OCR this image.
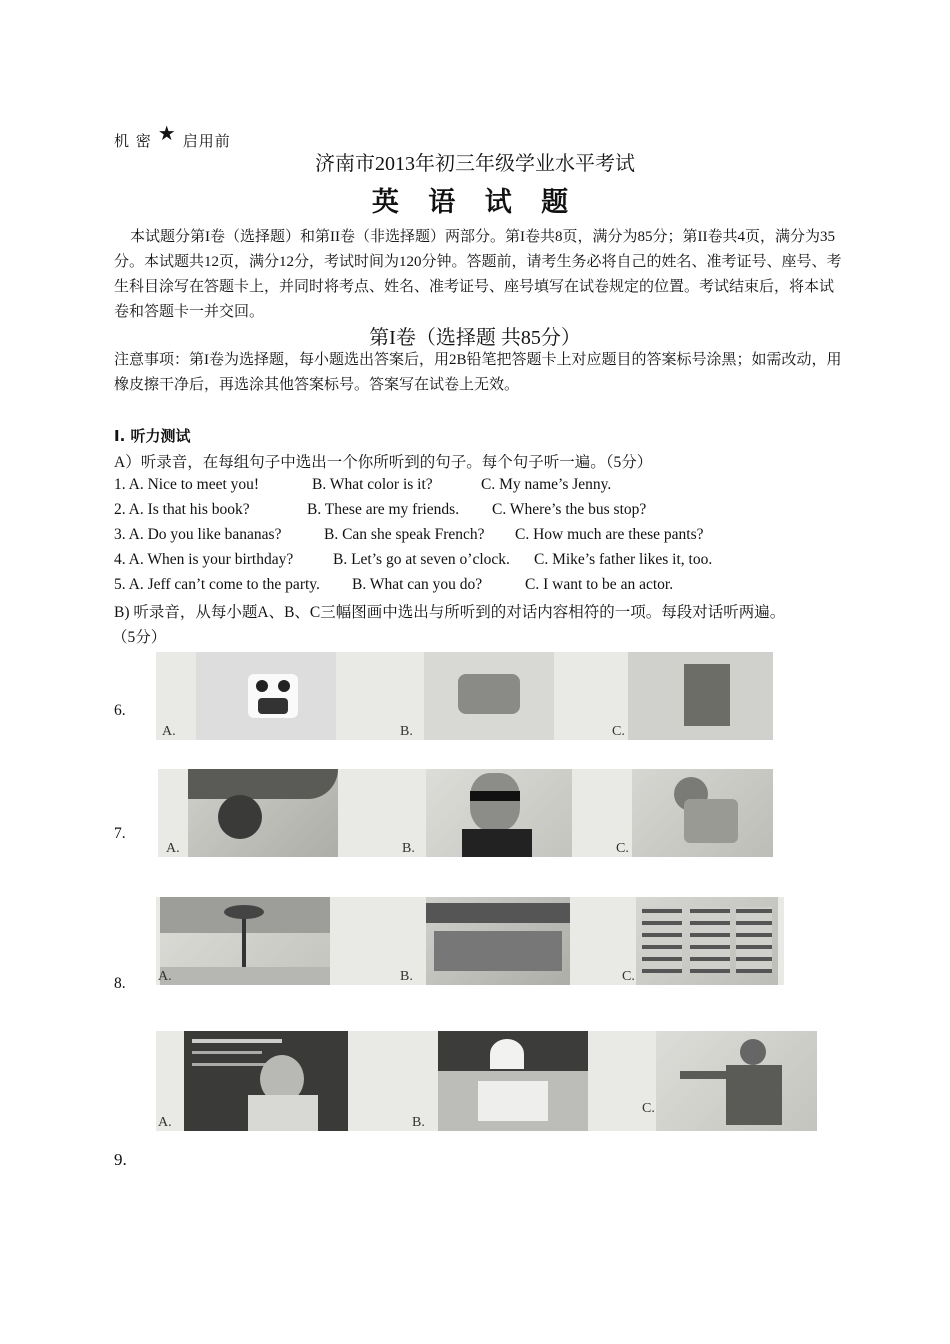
机 密 ★ 启用前
济南市2013年初三年级学业水平考试
英 语 试 题
本试题分第I卷（选择题）和第II卷（非选择题）两部分。第I卷共8页，满分为85分；第II卷共4页，满分为35分。本试题共12页，满分12分，考试时间为120分钟。答题前，请考生务必将自己的姓名、准考证号、座号、考生科目涂写在答题卡上，并同时将考点、姓名、准考证号、座号填写在试卷规定的位置。考试结束后，将本试卷和答题卡一并交回。
第I卷（选择题 共85分）
注意事项：第I卷为选择题，每小题选出答案后，用2B铅笔把答题卡上对应题目的答案标号涂黑；如需改动，用橡皮擦干净后，再选涂其他答案标号。答案写在试卷上无效。
I. 听力测试
A）听录音，在每组句子中选出一个你所听到的句子。每个句子听一遍。（5分）
1. A. Nice to meet you!	B. What color is it?	C. My name’s Jenny.
2. A. Is that his book?	B. These are my friends. C. Where’s the bus stop?
3. A. Do you like bananas?	B. Can she speak French? C. How much are these pants?
4. A. When is your birthday?	B. Let’s go at seven o’clock. C. Mike’s father likes it, too.
5. A. Jeff can’t come to the party. B. What can you do?	C. I want to be an actor.
B) 听录音，从每小题A、B、C三幅图画中选出与所听到的对话内容相符的一项。每段对话听两遍。
（5分）
6.
A.	B.	C.
7.
A.	B.	C.
8. A.	B.	C.
A.	B.
C.
9.
